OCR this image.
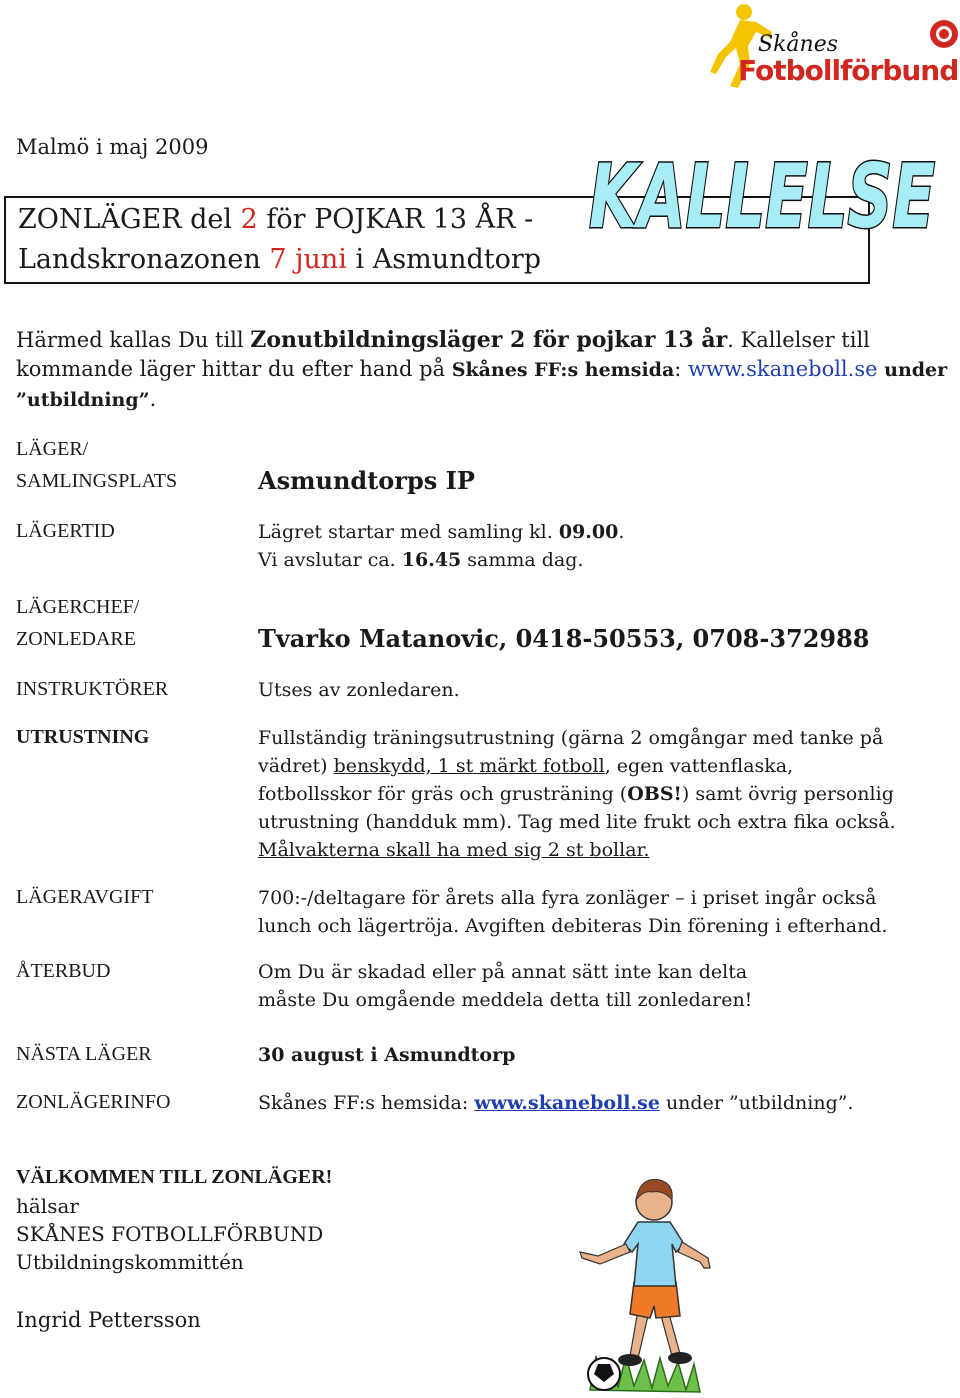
Skånes
Fotbollförbund
Malmö i maj 2009
ZONLÄGER del 2 för POJKAR 13 ÅR -
Landskronazonen 7 juni i Asmundtorp
KALLELSE
Härmed kallas Du till Zonutbildningsläger 2 för pojkar 13 år. Kallelser till
kommande läger hittar du efter hand på Skånes FF:s hemsida: www.skaneboll.se under
”utbildning”.
LÄGER/
SAMLINGSPLATS	Asmundtorps IP
LÄGERTID	Lägret startar med samling kl. 09.00.
Vi avslutar ca. 16.45 samma dag.
LÄGERCHEF/
ZONLEDARE	Tvarko Matanovic, 0418-50553, 0708-372988
INSTRUKTÖRER	Utses av zonledaren.
UTRUSTNING	Fullständig träningsutrustning (gärna 2 omgångar med tanke på
vädret) benskydd, 1 st märkt fotboll, egen vattenflaska,
fotbollsskor för gräs och grusträning (OBS!) samt övrig personlig
utrustning (handduk mm). Tag med lite frukt och extra fika också.
Målvakterna skall ha med sig 2 st bollar.
LÄGERAVGIFT	700:-/deltagare för årets alla fyra zonläger – i priset ingår också
lunch och lägertröja. Avgiften debiteras Din förening i efterhand.
ÅTERBUD	Om Du är skadad eller på annat sätt inte kan delta
måste Du omgående meddela detta till zonledaren!
NÄSTA LÄGER	30 august i Asmundtorp
ZONLÄGERINFO	Skånes FF:s hemsida: www.skaneboll.se under ”utbildning”.
VÄLKOMMEN TILL ZONLÄGER!
hälsar
SKÅNES FOTBOLLFÖRBUND
Utbildningskommittén
Ingrid Pettersson
